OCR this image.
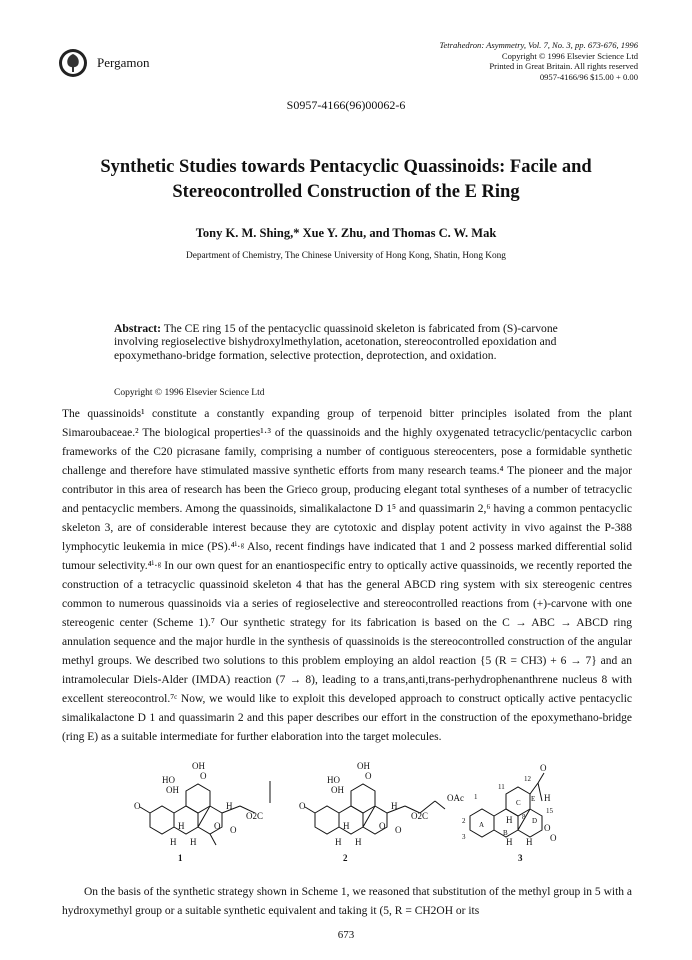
Pergamon
Tetrahedron: Asymmetry, Vol. 7, No. 3, pp. 673-676, 1996
Copyright © 1996 Elsevier Science Ltd
Printed in Great Britain. All rights reserved
0957-4166/96 $15.00 + 0.00
S0957-4166(96)00062-6
Synthetic Studies towards Pentacyclic Quassinoids: Facile and
Stereocontrolled Construction of the E Ring
Tony K. M. Shing,* Xue Y. Zhu, and Thomas C. W. Mak
Department of Chemistry, The Chinese University of Hong Kong, Shatin, Hong Kong
Abstract: The CE ring 15 of the pentacyclic quassinoid skeleton is fabricated from (S)-carvone involving regioselective bishydroxylmethylation, acetonation, stereocontrolled epoxidation and epoxymethano-bridge formation, selective protection, deprotection, and oxidation.
Copyright © 1996 Elsevier Science Ltd

The quassinoids¹ constitute a constantly expanding group of terpenoid bitter principles isolated from the plant Simaroubaceae.² The biological properties¹·³ of the quassinoids and the highly oxygenated tetracyclic/pentacyclic carbon frameworks of the C20 picrasane family, comprising a number of contiguous stereocenters, pose a formidable synthetic challenge and therefore have stimulated massive synthetic efforts from many research teams.⁴ The pioneer and the major contributor in this area of research has been the Grieco group, producing elegant total syntheses of a number of tetracyclic and pentacyclic members. Among the quassinoids, simalikalactone D 1⁵ and quassimarin 2,⁶ having a common pentacyclic skeleton 3, are of considerable interest because they are cytotoxic and display potent activity in vivo against the P-388 lymphocytic leukemia in mice (PS).⁴ⁱ·ᵍ Also, recent findings have indicated that 1 and 2 possess marked differential solid tumour selectivity.⁴ⁱ·ᵍ In our own quest for an enantiospecific entry to optically active quassinoids, we recently reported the construction of a tetracyclic quassinoid skeleton 4 that has the general ABCD ring system with six stereogenic centres common to numerous quassinoids via a series of regioselective and stereocontrolled reactions from (+)-carvone with one stereogenic center (Scheme 1).⁷ Our synthetic strategy for its fabrication is based on the C → ABC → ABCD ring annulation sequence and the major hurdle in the synthesis of quassinoids is the stereocontrolled construction of the angular methyl groups. We described two solutions to this problem employing an aldol reaction {5 (R = CH3) + 6 → 7} and an intramolecular Diels-Alder (IMDA) reaction (7 → 8), leading to a trans,anti,trans-perhydrophenanthrene nucleus 8 with excellent stereocontrol.⁷ᶜ Now, we would like to exploit this developed approach to construct optically active pentacyclic simalikalactone D 1 and quassimarin 2 and this paper describes our effort in the construction of the epoxymethano-bridge (ring E) as a suitable intermediate for further elaboration into the target molecules.

OH
O
HO
OH
O	H
O2C
H	O O
H H
1
OH
O
HO
OH
O	H
O2C
OAc
H	O O
H H
2
O
12
11
2
3
1
A
B
C
D
E
8
15
H
H
O
O
H H
3
On the basis of the synthetic strategy shown in Scheme 1, we reasoned that substitution of the methyl group in 5 with a hydroxymethyl group or a suitable synthetic equivalent and taking it (5, R = CH2OH or its
673
